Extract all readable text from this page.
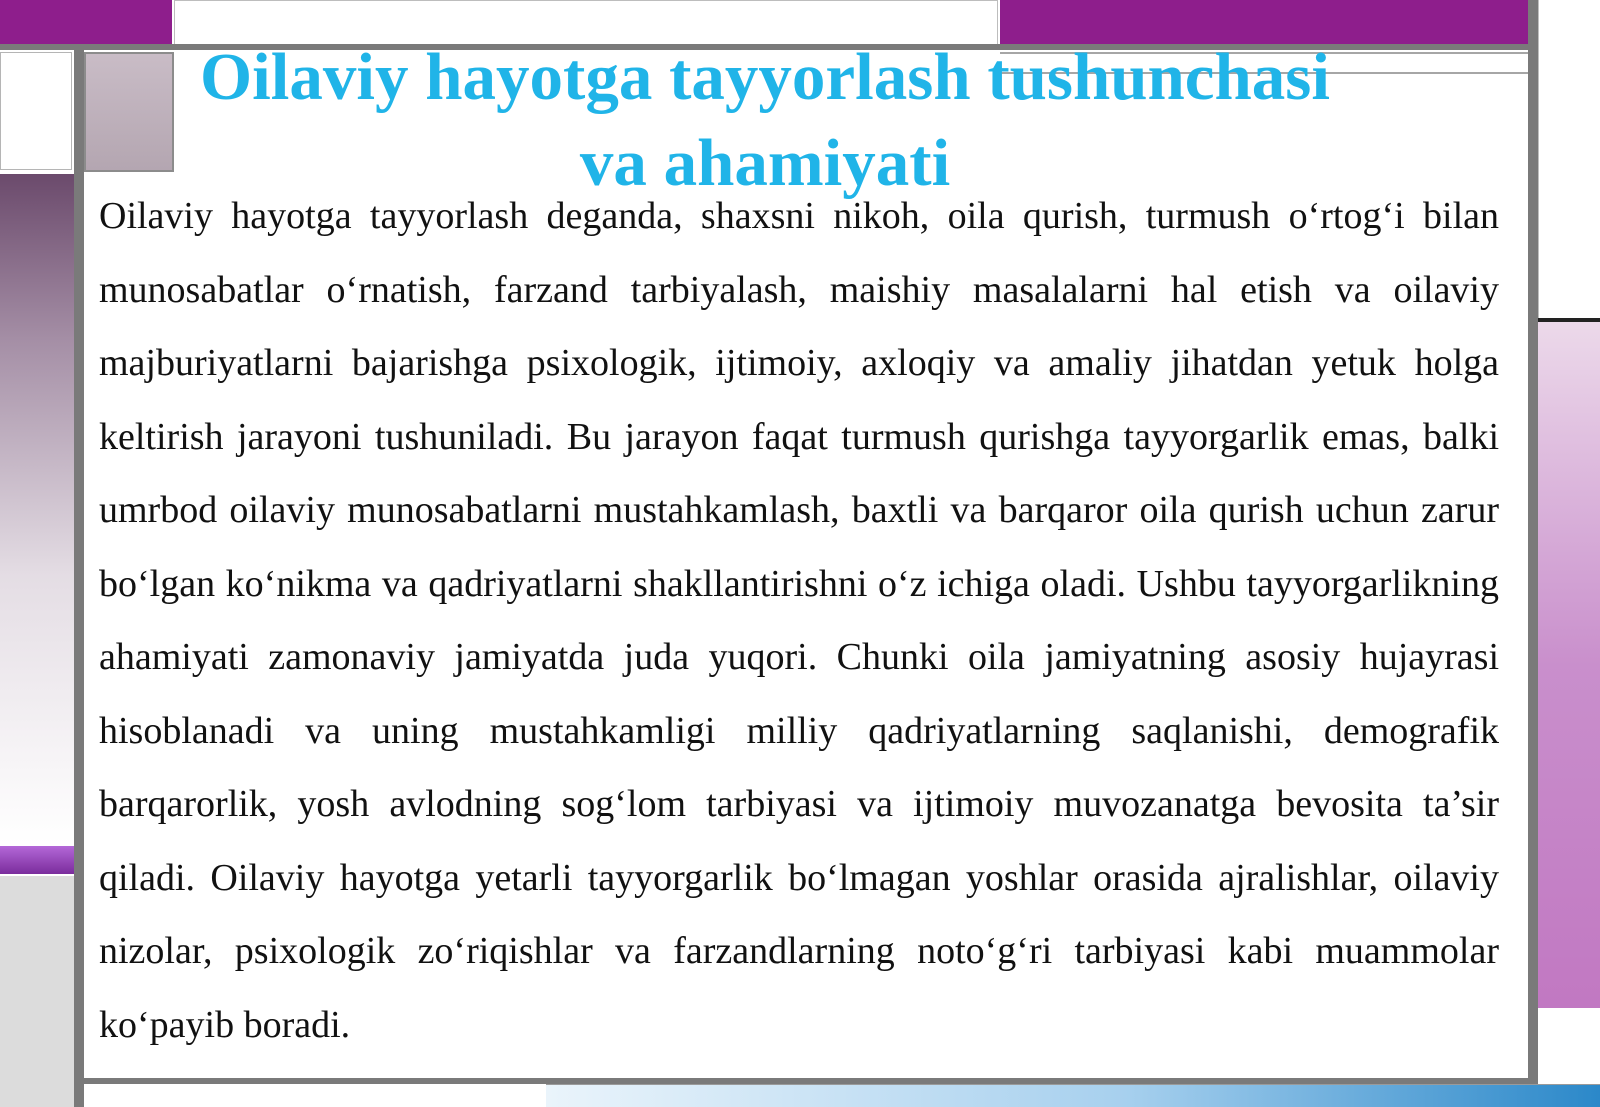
Oilaviy hayotga tayyorlash tushunchasi va ahamiyati

Oilaviy hayotga tayyorlash deganda, shaxsni nikoh, oila qurish, turmush o‘rtog‘i bilan munosabatlar o‘rnatish, farzand tarbiyalash, maishiy masalalarni hal etish va oilaviy majburiyatlarni bajarishga psixologik, ijtimoiy, axloqiy va amaliy jihatdan yetuk holga keltirish jarayoni tushuniladi. Bu jarayon faqat turmush qurishga tayyorgarlik emas, balki umrbod oilaviy munosabatlarni mustahkamlash, baxtli va barqaror oila qurish uchun zarur bo‘lgan ko‘nikma va qadriyatlarni shakllantirishni o‘z ichiga oladi. Ushbu tayyorgarlikning ahamiyati zamonaviy jamiyatda juda yuqori. Chunki oila jamiyatning asosiy hujayrasi hisoblanadi va uning mustahkamligi milliy qadriyatlarning saqlanishi, demografik barqarorlik, yosh avlodning sog‘lom tarbiyasi va ijtimoiy muvozanatga bevosita ta’sir qiladi. Oilaviy hayotga yetarli tayyorgarlik bo‘lmagan yoshlar orasida ajralishlar, oilaviy nizolar, psixologik zo‘riqishlar va farzandlarning noto‘g‘ri tarbiyasi kabi muammolar ko‘payib boradi.
